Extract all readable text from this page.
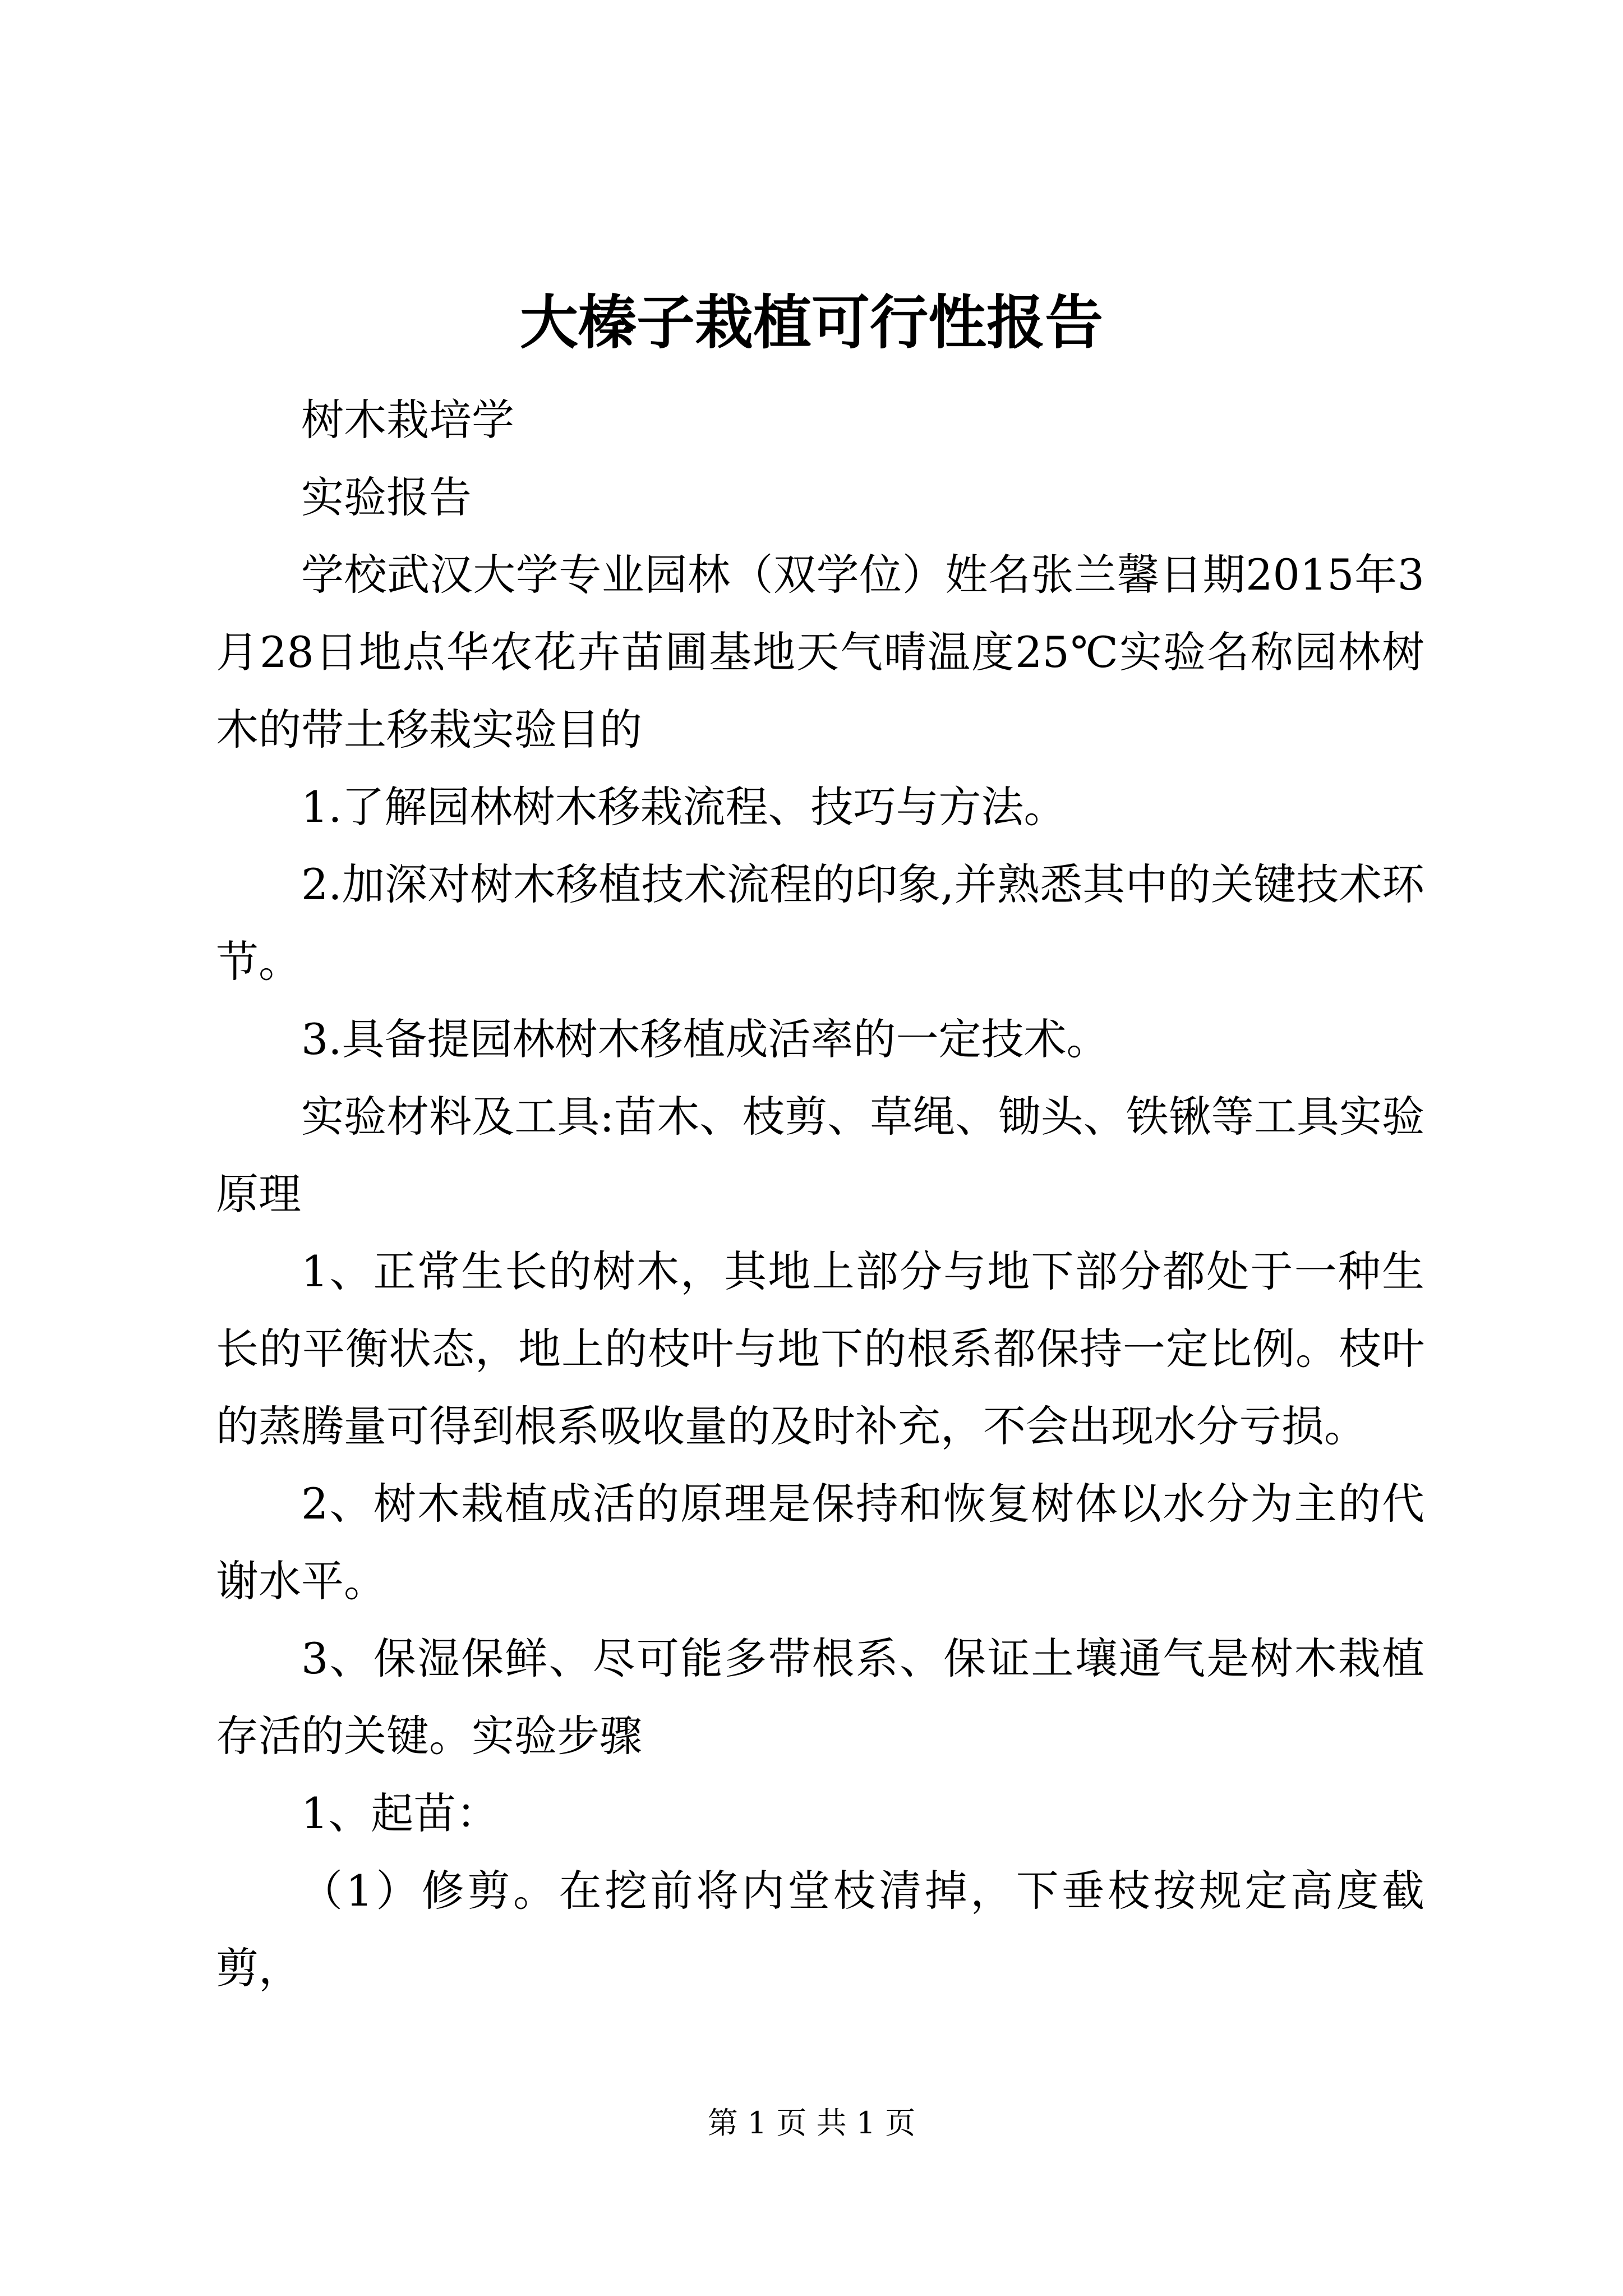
大榛子栽植可行性报告

树木栽培学

实验报告

学校武汉大学专业园林（双学位）姓名张兰馨日期2015年3月28日地点华农花卉苗圃基地天气晴温度25℃实验名称园林树木的带土移栽实验目的

1.了解园林树木移栽流程、技巧与方法。

2.加深对树木移植技术流程的印象,并熟悉其中的关键技术环节。

3.具备提园林树木移植成活率的一定技术。

实验材料及工具:苗木、枝剪、草绳、锄头、铁锹等工具实验原理

1、正常生长的树木，其地上部分与地下部分都处于一种生长的平衡状态，地上的枝叶与地下的根系都保持一定比例。枝叶的蒸腾量可得到根系吸收量的及时补充，不会出现水分亏损。

2、树木栽植成活的原理是保持和恢复树体以水分为主的代谢水平。

3、保湿保鲜、尽可能多带根系、保证土壤通气是树木栽植存活的关键。实验步骤

1、起苗：

（1）修剪。在挖前将内堂枝清掉，下垂枝按规定高度截剪，

第 1 页 共 1 页
